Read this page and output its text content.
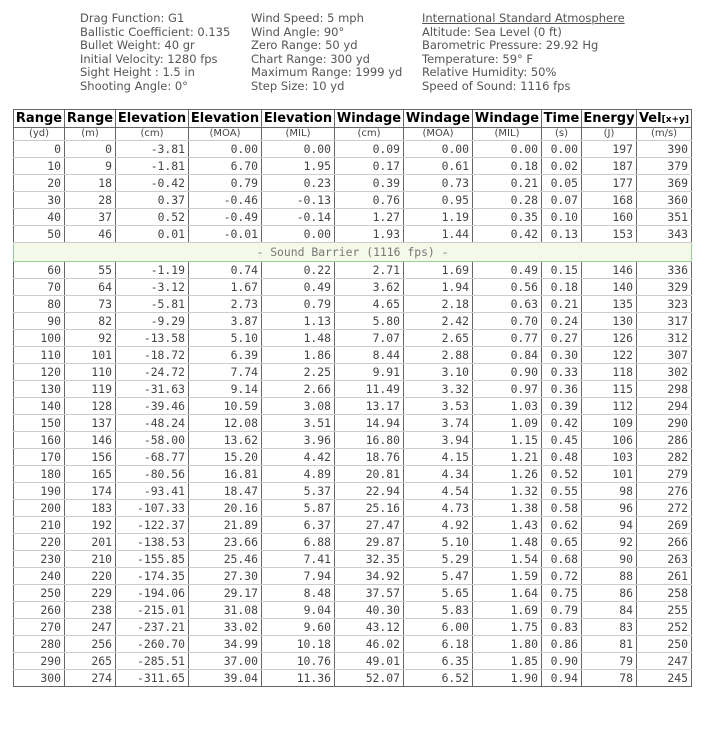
Drag Function: G1
Ballistic Coefficient: 0.135
Bullet Weight: 40 gr
Initial Velocity: 1280 fps
Sight Height : 1.5 in
Shooting Angle: 0°
Wind Speed: 5 mph
Wind Angle: 90°
Zero Range: 50 yd
Chart Range: 300 yd
Maximum Range: 1999 yd
Step Size: 10 yd
International Standard Atmosphere
Altitude: Sea Level (0 ft)
Barometric Pressure: 29.92 Hg
Temperature: 59° F
Relative Humidity: 50%
Speed of Sound: 1116 fps
Range	Range	Elevation	Elevation	Elevation	Windage	Windage	Windage	Time	Energy	Vel[x+y]
(yd)	(m)	(cm)	(MOA)	(MIL)	(cm)	(MOA)	(MIL)	(s)	(J)	(m/s)
0	0	-3.81	0.00	0.00	0.09	0.00	0.00	0.00	197	390
10	9	-1.81	6.70	1.95	0.17	0.61	0.18	0.02	187	379
20	18	-0.42	0.79	0.23	0.39	0.73	0.21	0.05	177	369
30	28	0.37	-0.46	-0.13	0.76	0.95	0.28	0.07	168	360
40	37	0.52	-0.49	-0.14	1.27	1.19	0.35	0.10	160	351
50	46	0.01	-0.01	0.00	1.93	1.44	0.42	0.13	153	343
- Sound Barrier (1116 fps) -										
60	55	-1.19	0.74	0.22	2.71	1.69	0.49	0.15	146	336
70	64	-3.12	1.67	0.49	3.62	1.94	0.56	0.18	140	329
80	73	-5.81	2.73	0.79	4.65	2.18	0.63	0.21	135	323
90	82	-9.29	3.87	1.13	5.80	2.42	0.70	0.24	130	317
100	92	-13.58	5.10	1.48	7.07	2.65	0.77	0.27	126	312
110	101	-18.72	6.39	1.86	8.44	2.88	0.84	0.30	122	307
120	110	-24.72	7.74	2.25	9.91	3.10	0.90	0.33	118	302
130	119	-31.63	9.14	2.66	11.49	3.32	0.97	0.36	115	298
140	128	-39.46	10.59	3.08	13.17	3.53	1.03	0.39	112	294
150	137	-48.24	12.08	3.51	14.94	3.74	1.09	0.42	109	290
160	146	-58.00	13.62	3.96	16.80	3.94	1.15	0.45	106	286
170	156	-68.77	15.20	4.42	18.76	4.15	1.21	0.48	103	282
180	165	-80.56	16.81	4.89	20.81	4.34	1.26	0.52	101	279
190	174	-93.41	18.47	5.37	22.94	4.54	1.32	0.55	98	276
200	183	-107.33	20.16	5.87	25.16	4.73	1.38	0.58	96	272
210	192	-122.37	21.89	6.37	27.47	4.92	1.43	0.62	94	269
220	201	-138.53	23.66	6.88	29.87	5.10	1.48	0.65	92	266
230	210	-155.85	25.46	7.41	32.35	5.29	1.54	0.68	90	263
240	220	-174.35	27.30	7.94	34.92	5.47	1.59	0.72	88	261
250	229	-194.06	29.17	8.48	37.57	5.65	1.64	0.75	86	258
260	238	-215.01	31.08	9.04	40.30	5.83	1.69	0.79	84	255
270	247	-237.21	33.02	9.60	43.12	6.00	1.75	0.83	83	252
280	256	-260.70	34.99	10.18	46.02	6.18	1.80	0.86	81	250
290	265	-285.51	37.00	10.76	49.01	6.35	1.85	0.90	79	247
300	274	-311.65	39.04	11.36	52.07	6.52	1.90	0.94	78	245
